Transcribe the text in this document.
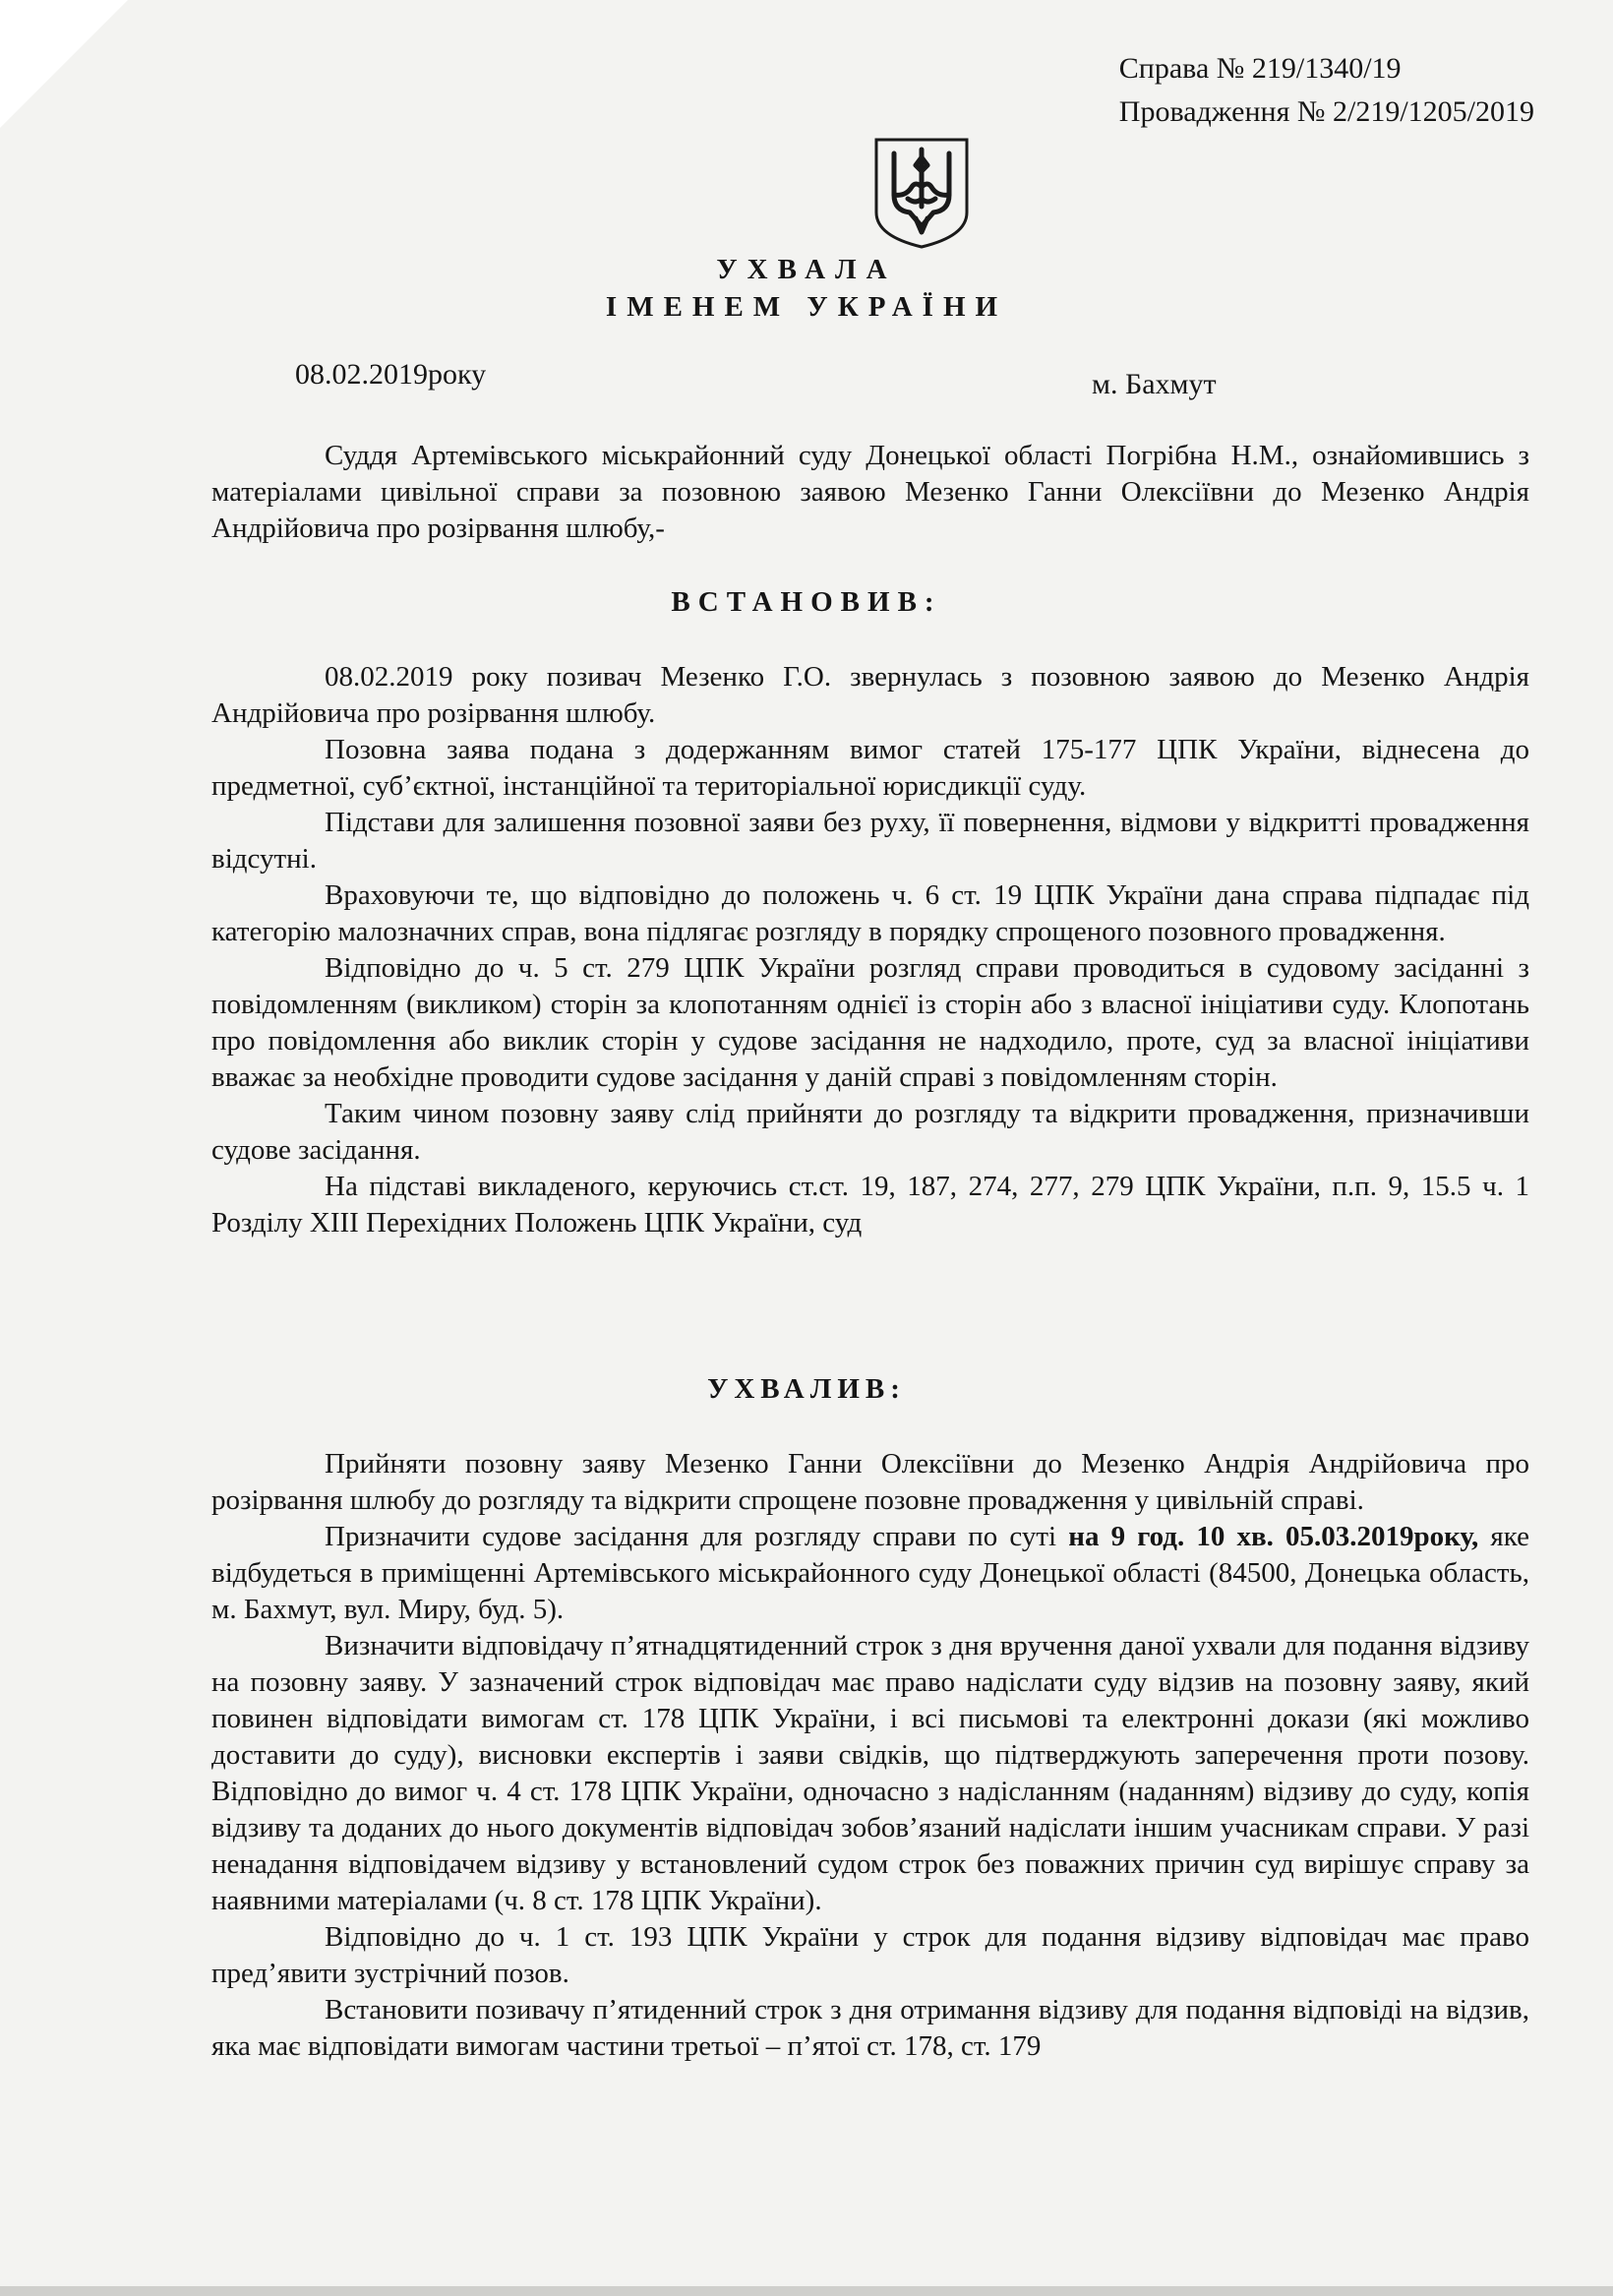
Справа № 219/1340/19
Провадження № 2/219/1205/2019
УХВАЛА
ІМЕНЕМ УКРАЇНИ
08.02.2019року	м. Бахмут

Суддя Артемівського міськрайонний суду Донецької області Погрібна Н.М., ознайомившись з матеріалами цивільної справи за позовною заявою Мезенко Ганни Олексіївни до Мезенко Андрія Андрійовича про розірвання шлюбу,-

ВСТАНОВИВ:

08.02.2019 року позивач Мезенко Г.О. звернулась з позовною заявою до Мезенко Андрія Андрійовича про розірвання шлюбу.

Позовна заява подана з додержанням вимог статей 175-177 ЦПК України, віднесена до предметної, суб’єктної, інстанційної та територіальної юрисдикції суду.

Підстави для залишення позовної заяви без руху, її повернення, відмови у відкритті провадження відсутні.

Враховуючи те, що відповідно до положень ч. 6 ст. 19 ЦПК України дана справа підпадає під категорію малозначних справ, вона підлягає розгляду в порядку спрощеного позовного провадження.

Відповідно до ч. 5 ст. 279 ЦПК України розгляд справи проводиться в судовому засіданні з повідомленням (викликом) сторін за клопотанням однієї із сторін або з власної ініціативи суду. Клопотань про повідомлення або виклик сторін у судове засідання не надходило, проте, суд за власної ініціативи вважає за необхідне проводити судове засідання у даній справі з повідомленням сторін.

Таким чином позовну заяву слід прийняти до розгляду та відкрити провадження, призначивши судове засідання.

На підставі викладеного, керуючись ст.ст. 19, 187, 274, 277, 279 ЦПК України, п.п. 9, 15.5 ч. 1 Розділу XIII Перехідних Положень ЦПК України, суд

УХВАЛИВ:

Прийняти позовну заяву Мезенко Ганни Олексіївни до Мезенко Андрія Андрійовича про розірвання шлюбу до розгляду та відкрити спрощене позовне провадження у цивільній справі.

Призначити судове засідання для розгляду справи по суті на 9 год. 10 хв. 05.03.2019року, яке відбудеться в приміщенні Артемівського міськрайонного суду Донецької області (84500, Донецька область, м. Бахмут, вул. Миру, буд. 5).

Визначити відповідачу п’ятнадцятиденний строк з дня вручення даної ухвали для подання відзиву на позовну заяву. У зазначений строк відповідач має право надіслати суду відзив на позовну заяву, який повинен відповідати вимогам ст. 178 ЦПК України, і всі письмові та електронні докази (які можливо доставити до суду), висновки експертів і заяви свідків, що підтверджують заперечення проти позову. Відповідно до вимог ч. 4 ст. 178 ЦПК України, одночасно з надісланням (наданням) відзиву до суду, копія відзиву та доданих до нього документів відповідач зобов’язаний надіслати іншим учасникам справи. У разі ненадання відповідачем відзиву у встановлений судом строк без поважних причин суд вирішує справу за наявними матеріалами (ч. 8 ст. 178 ЦПК України).

Відповідно до ч. 1 ст. 193 ЦПК України у строк для подання відзиву відповідач має право пред’явити зустрічний позов.

Встановити позивачу п’ятиденний строк з дня отримання відзиву для подання відповіді на відзив, яка має відповідати вимогам частини третьої – п’ятої ст. 178, ст. 179
